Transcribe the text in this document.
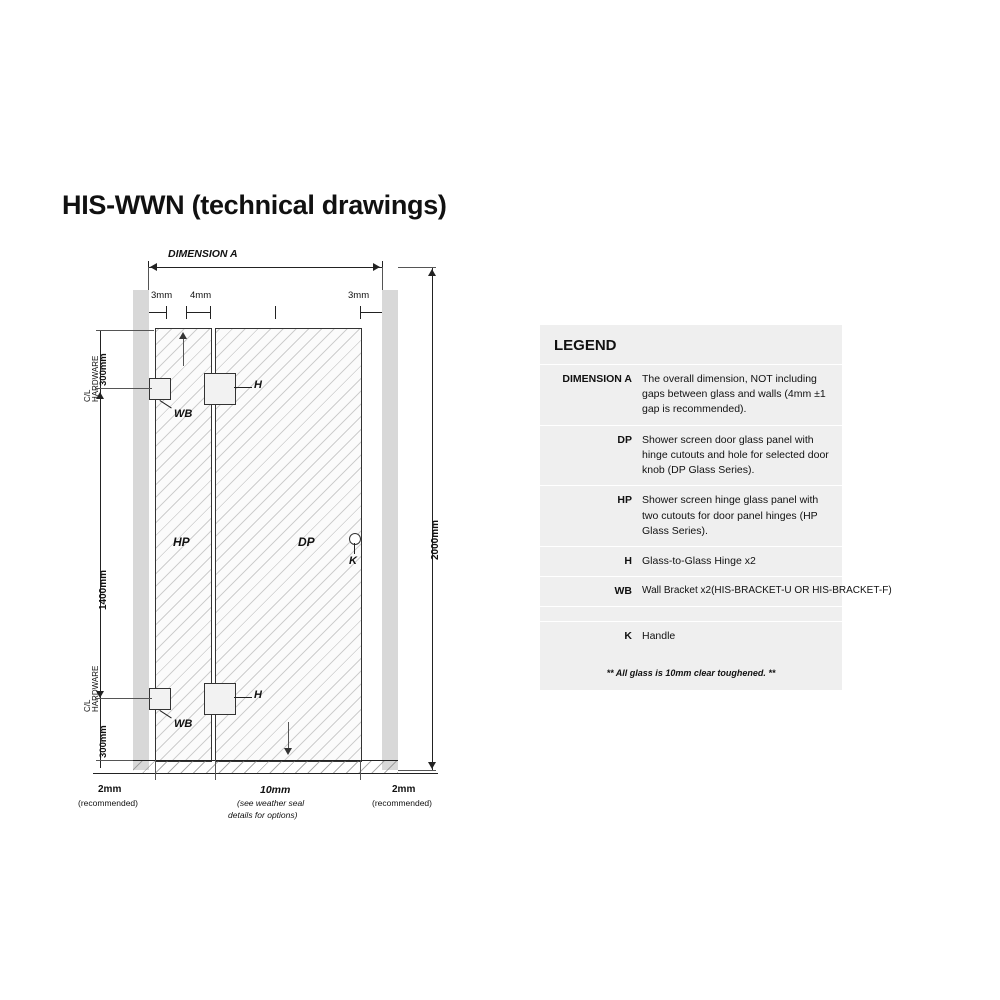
HIS-WWN (technical drawings)
DIMENSION A
3mm 4mm	3mm
HP	DP
H
WB
H
WB
K
300mm
C/L
HARDWARE
1400mm
300mm
C/L
HARDWARE
2000mm
2mm
(recommended)
10mm
(see weather seal
details for options)
2mm
(recommended)
LEGEND
DIMENSION A The overall dimension, NOT including gaps between glass and walls (4mm ±1 gap is recommended).
DP Shower screen door glass panel with hinge cutouts and hole for selected door knob (DP Glass Series).
HP Shower screen hinge glass panel with two cutouts for door panel hinges (HP Glass Series).
H Glass-to-Glass Hinge x2
WB	Wall Bracket x2(HIS-BRACKET-U OR HIS-BRACKET-F)
K Handle
** All glass is 10mm clear toughened. **
